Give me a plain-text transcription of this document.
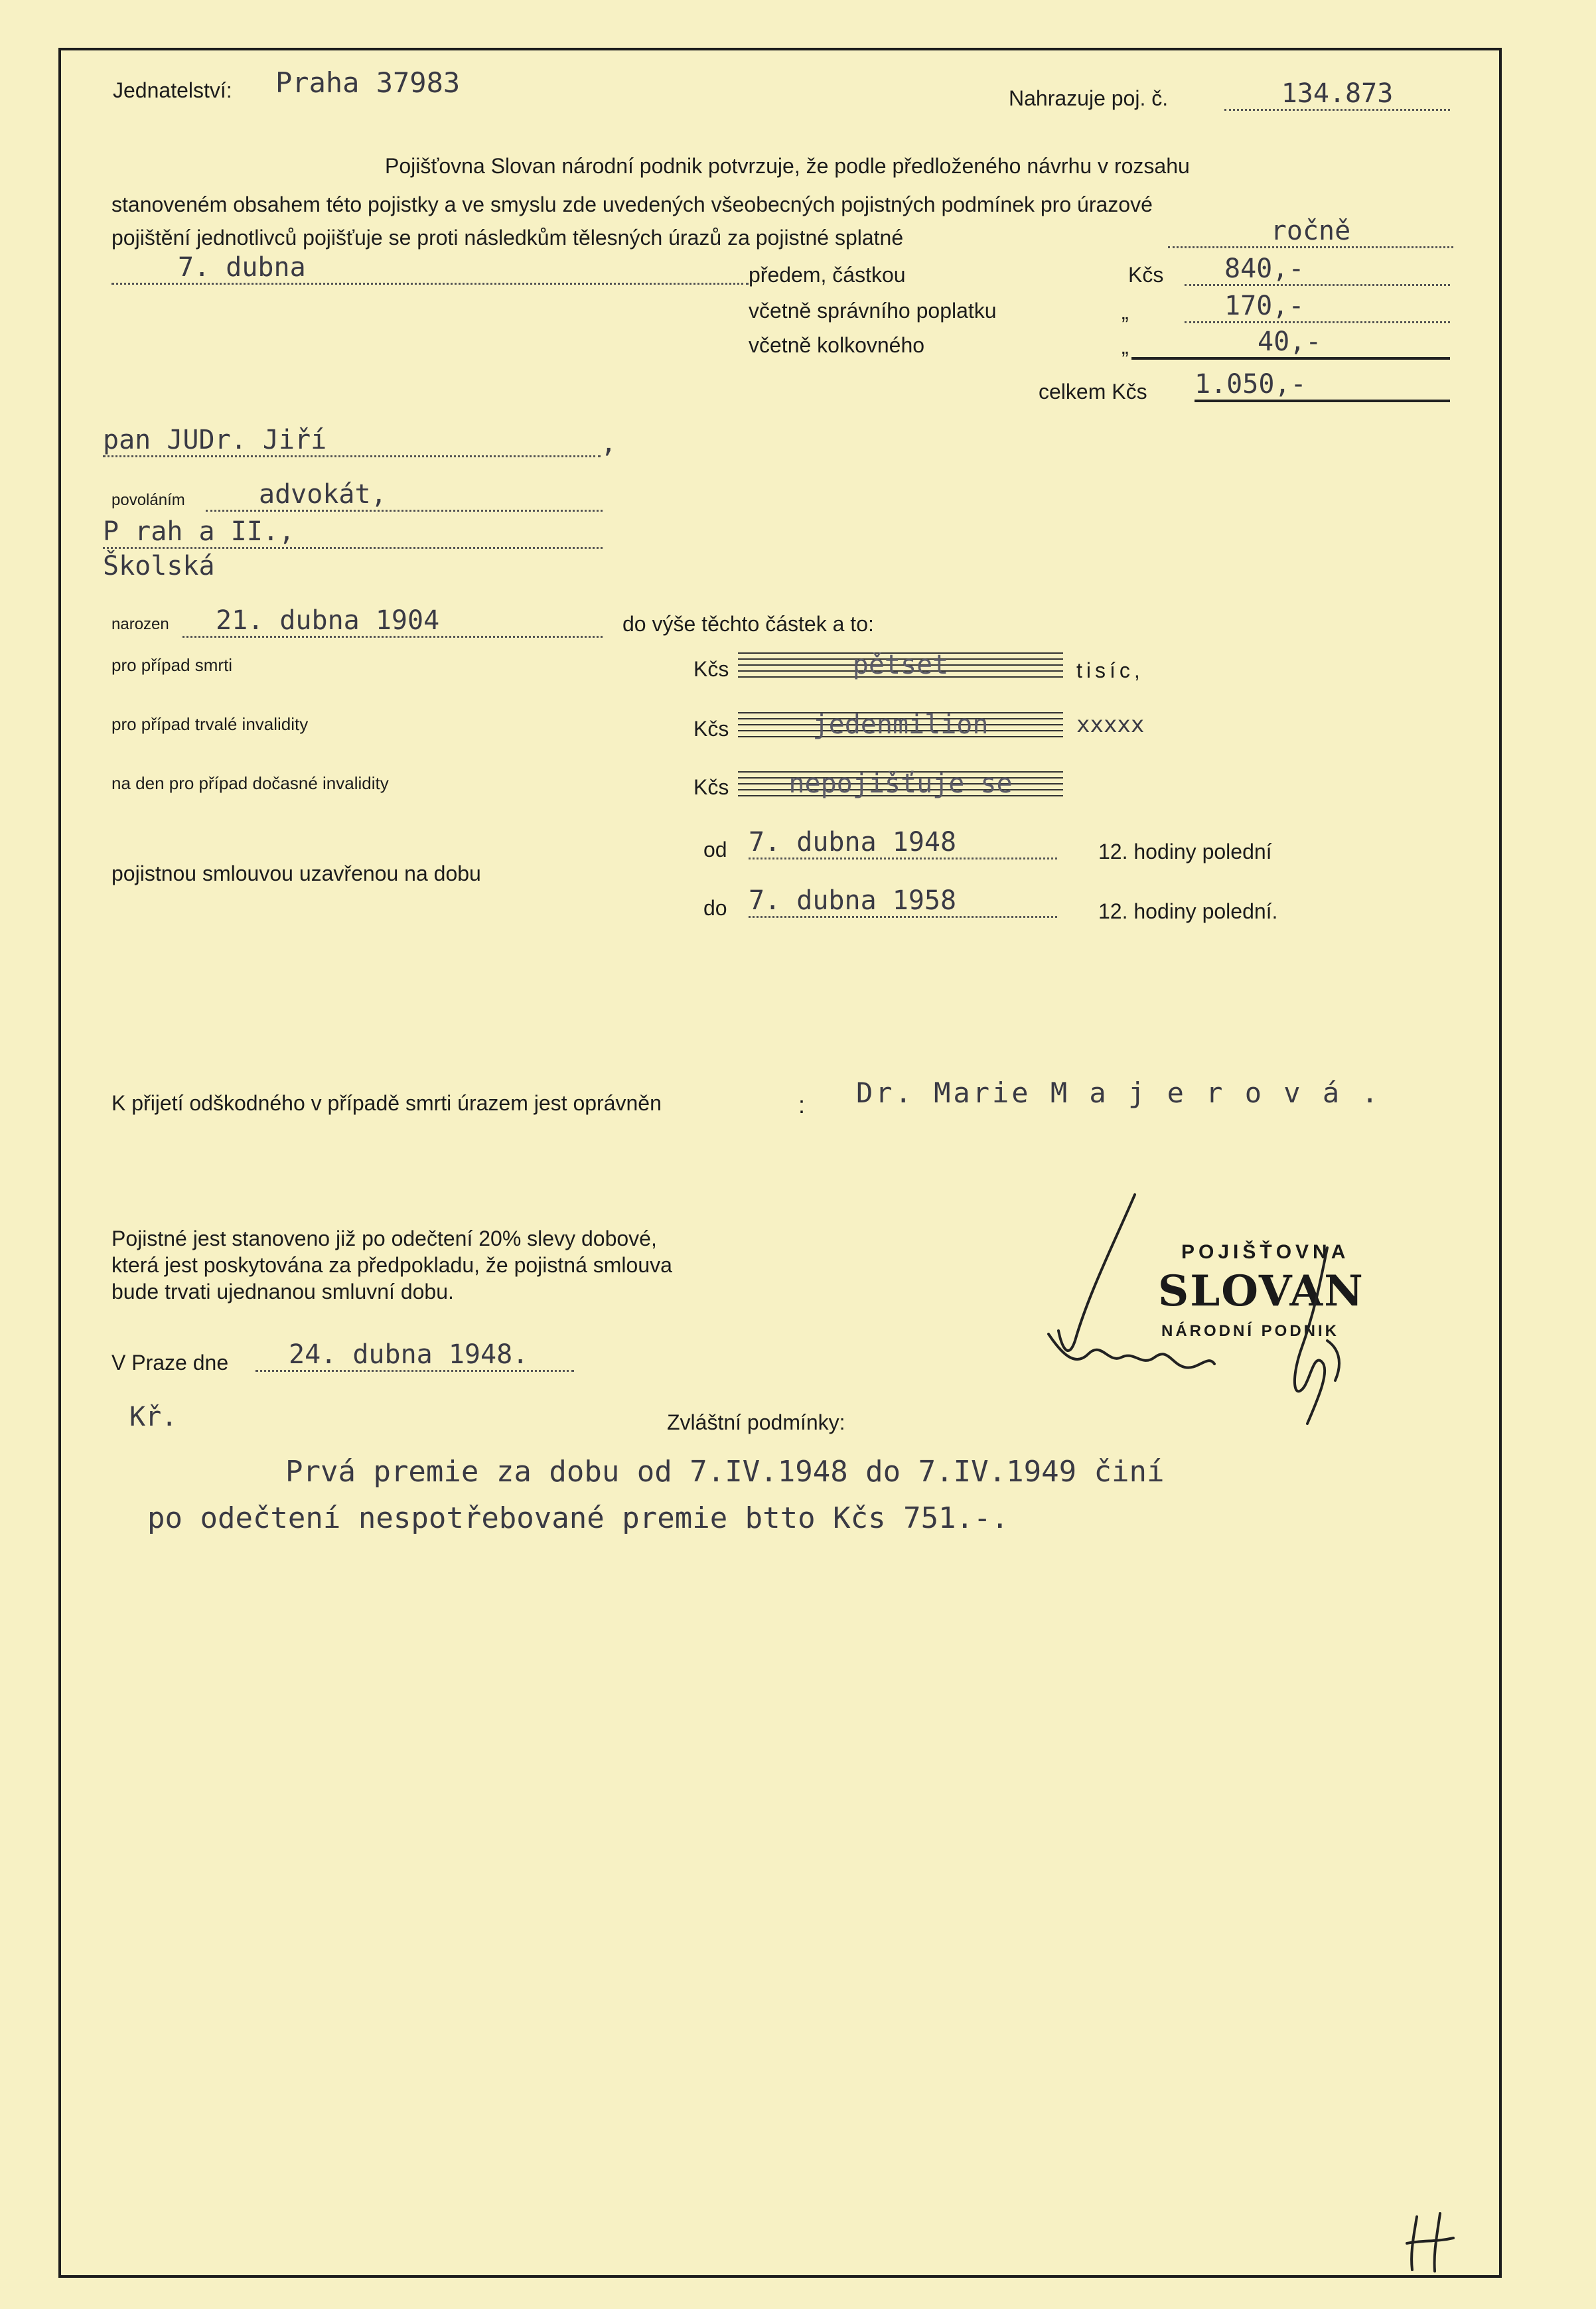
Jednatelství: Praha 37983	Nahrazuje poj. č.	134.873
Pojišťovna Slovan národní podnik potvrzuje, že podle předloženého návrhu v rozsahu
stanoveném obsahem této pojistky a ve smyslu zde uvedených všeobecných pojistných podmínek pro úrazové
pojištění jednotlivců pojišťuje se proti následkům tělesných úrazů za pojistné splatné	ročně
7. dubna	předem, částkou	Kčs	840,-
včetně správního poplatku	„	170,-
včetně kolkovného	„	40,-
celkem Kčs 1.050,-
pan JUDr. Jiří	,
povoláním	advokát,
P rah a II.,
Školská
narozen	21. dubna 1904	do výše těchto částek a to:
pro případ smrti	Kčs	pětset	tisíc,
pro případ trvalé invalidity	Kčs	jedenmilion	xxxxx
na den pro případ dočasné invalidity	Kčs	nepojišťuje se
pojistnou smlouvou uzavřenou na dobu
od 7. dubna 1948	12. hodiny polední
do 7. dubna 1958	12. hodiny polední.
K přijetí odškodného v případě smrti úrazem jest oprávněn	: Dr. Marie M a j e r o v á .
Pojistné jest stanoveno již po odečtení 20% slevy dobové,
která jest poskytována za předpokladu, že pojistná smlouva
bude trvati ujednanou smluvní dobu.
V Praze dne	24. dubna 1948.
POJIŠŤOVNA
SLOVAN
NÁRODNÍ PODNIK
Kř.	Zvláštní podmínky:
Prvá premie za dobu od 7.IV.1948 do 7.IV.1949 činí
po odečtení nespotřebované premie btto Kčs 751.-.
